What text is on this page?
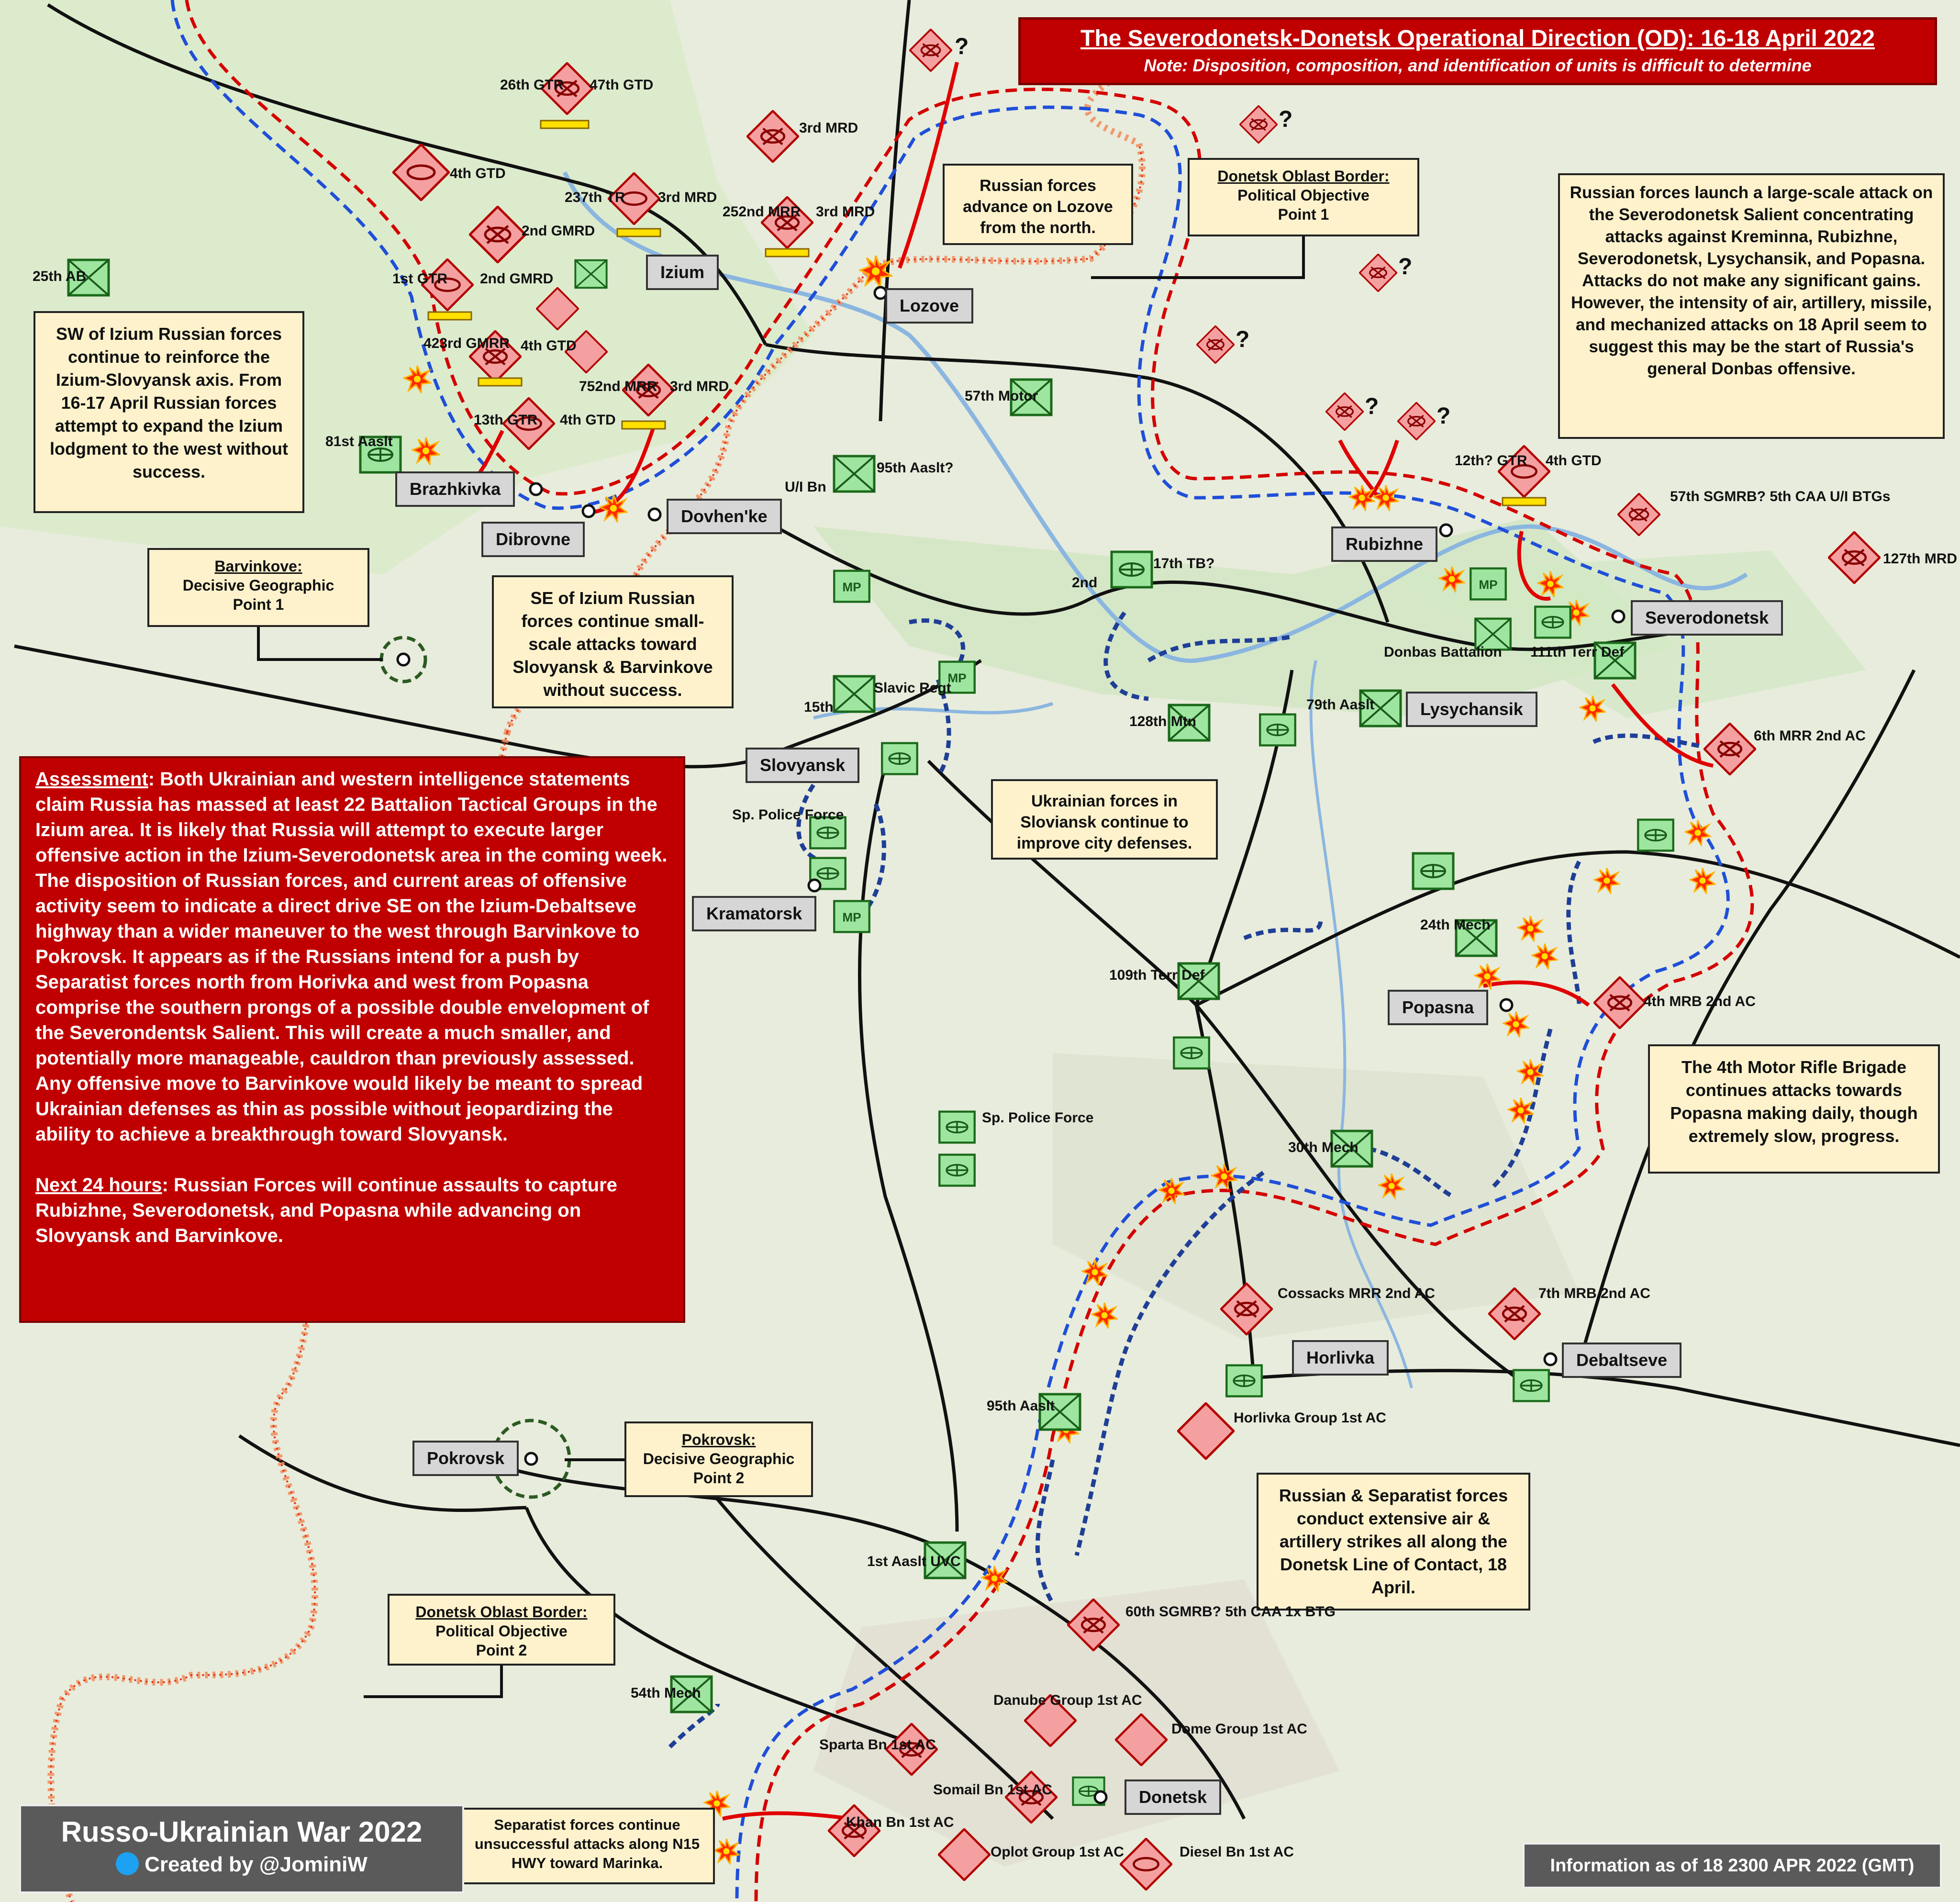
The Severodonetsk-Donetsk Operational Direction (OD): 16-18 April 2022
Note: Disposition, composition, and identification of units is difficult to determine
Assessment: Both Ukrainian and western intelligence statements claim Russia has massed at least 22 Battalion Tactical Groups in the Izium area. It is likely that Russia will attempt to execute larger offensive action in the Izium-Severodonetsk area in the coming week. The disposition of Russian forces, and current areas of offensive activity seem to indicate a direct drive SE on the Izium-Debaltseve highway than a wider maneuver to the west through Barvinkove to Pokrovsk. It appears as if the Russians intend for a push by Separatist forces north from Horivka and west from Popasna comprise the southern prongs of a possible double envelopment of the Severondentsk Salient. This will create a much smaller, and potentially more manageable, cauldron than previously assessed. Any offensive move to Barvinkove would likely be meant to spread Ukrainian defenses as thin as possible without jeopardizing the ability to achieve a breakthrough toward Slovyansk.

Next 24 hours: Russian Forces will continue assaults to capture Rubizhne, Severodonetsk, and Popasna while advancing on Slovyansk and Barvinkove.
SW of Izium Russian forces continue to reinforce the Izium-Slovyansk axis. From 16-17 April Russian forces attempt to expand the Izium lodgment to the west without success.
SE of Izium Russian forces continue small-scale attacks toward Slovyansk & Barvinkove without success.
Russian forces advance on Lozove from the north.
Russian forces launch a large-scale attack on the Severodonetsk Salient concentrating attacks against Kreminna, Rubizhne, Severodonetsk, Lysychansik, and Popasna. Attacks do not make any significant gains. However, the intensity of air, artillery, missile, and mechanized attacks on 18 April seem to suggest this may be the start of Russia's general Donbas offensive.
Ukrainian forces in Sloviansk continue to improve city defenses.
The 4th Motor Rifle Brigade continues attacks towards Popasna making daily, though extremely slow, progress.
Russian & Separatist forces conduct extensive air & artillery strikes all along the Donetsk Line of Contact, 18 April.
Separatist forces continue unsuccessful attacks along N15 HWY toward Marinka.
Donetsk Oblast Border:
Political Objective
Point 1
Barvinkove:
Decisive Geographic
Point 1
Pokrovsk:
Decisive Geographic
Point 2
Donetsk Oblast Border:
Political Objective
Point 2
Izium
Lozove
Brazhkivka
Dibrovne
Dovhen'ke
Rubizhne
Severodonetsk
Lysychansik
Slovyansk
Kramatorsk
Popasna
Horlivka	Debaltseve
Pokrovsk
Donetsk
26th GTR 47th GTD
3rd MRD
4th GTD
2nd GMRD
237th TR 3rd MRD
252nd MRR 3rd MRD
1st GTR 2nd GMRD
423rd GMRR 4th GTD
752nd MRR 3rd MRD
13th GTR 4th GTD
12th? GTR 4th GTD
57th SGMRB? 5th CAA U/I BTGs
127th MRD
6th MRR 2nd AC
4th MRB 2nd AC
7th MRB 2nd AC
Cossacks MRR 2nd AC
Horlivka Group 1st AC
60th SGMRB? 5th CAA 1x BTG
Danube Group 1st AC
Dome Group 1st AC
Sparta Bn 1st AC
Somail Bn 1st AC
Khan Bn 1st AC
Oplot Group 1st AC	Diesel Bn 1st AC
25th AB
81st Aaslt
95th Aaslt?
U/I Bn
57th Motor
17th TB?
2nd
128th Mtn
15th
Slavic Regt
79th Aaslt
Donbas Battalion 111th Terr Def
Sp. Police Force
24th Mech
109th Terr Def
Sp. Police Force
30th Mech
95th Aaslt
1st Aaslt UVC
54th Mech
?
?
?
?
?	?
Russo-Ukrainian War 2022
Created by @JominiW	Information as of 18 2300 APR 2022 (GMT)
